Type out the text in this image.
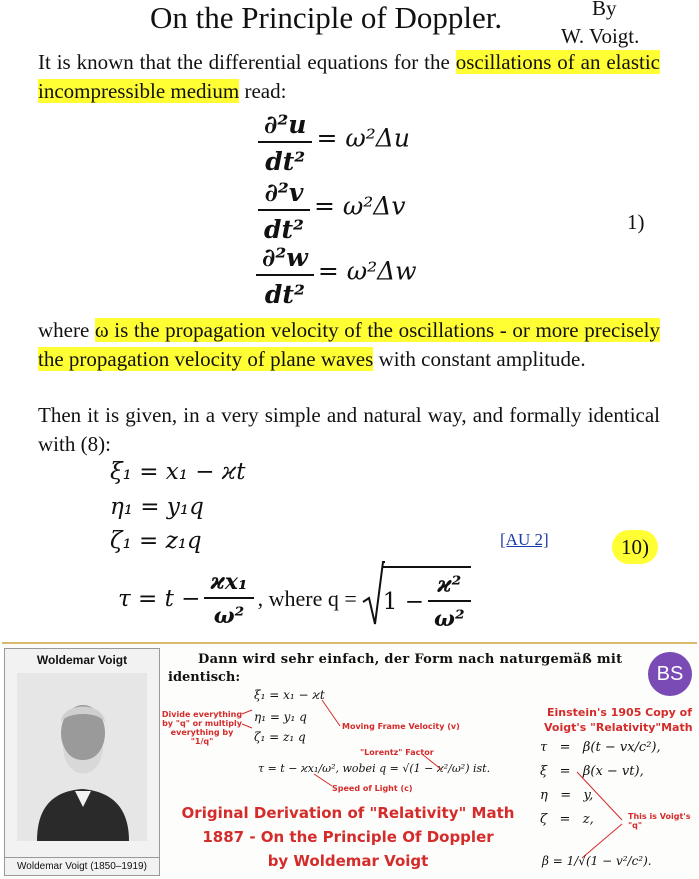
On the Principle of Doppler.	By
W. Voigt.
It is known that the differential equations for the oscillations of an elastic incompressible medium read:
$\frac{\text{∂²u}}{\text{dt²}} = \omega^2\Delta u$
$\frac{\text{∂²v}}{\text{dt²}} = \omega^2\Delta v$
$\frac{\text{∂²w}}{\text{dt²}} = \omega^2\Delta w$
1)
where ω is the propagation velocity of the oscillations - or more precisely the propagation velocity of plane waves with constant amplitude.
Then it is given, in a very simple and natural way, and formally identical with (8):
ξ₁ = x₁ − ϰt
η₁ = y₁q
ζ₁ = z₁q	[AU 2]	10)
$\tau = t - \frac{\text{ϰx₁}}{\text{ω²}}$ , where $q = 1 - \frac{\text{ϰ²}}{\text{ω²}}$
Woldemar Voigt
Woldemar Voigt (1850–1919)
Dann wird sehr einfach, der Form nach naturgemäß mit
identisch:
ξ₁ = x₁ − ϰt
η₁ = y₁ q
ζ₁ = z₁ q
τ = t − ϰx₁/ω², wobei q = √(1 − ϰ²/ω²) ist.
Divide everything by "q" or multiply everything by "1/q"
Moving Frame Velocity (v)
"Lorentz" Factor
Speed of Light (c)
BS
Einstein's 1905 Copy of
Voigt's "Relativity"Math
τ   =   β(t − vx/c²),
ξ   =   β(x − vt),
η   =   y,
ζ   =   z,	This is Voigt's "q"
β = 1/√(1 − v²/c²).
Original Derivation of "Relativity" Math
1887 - On the Principle Of Doppler
by Woldemar Voigt
